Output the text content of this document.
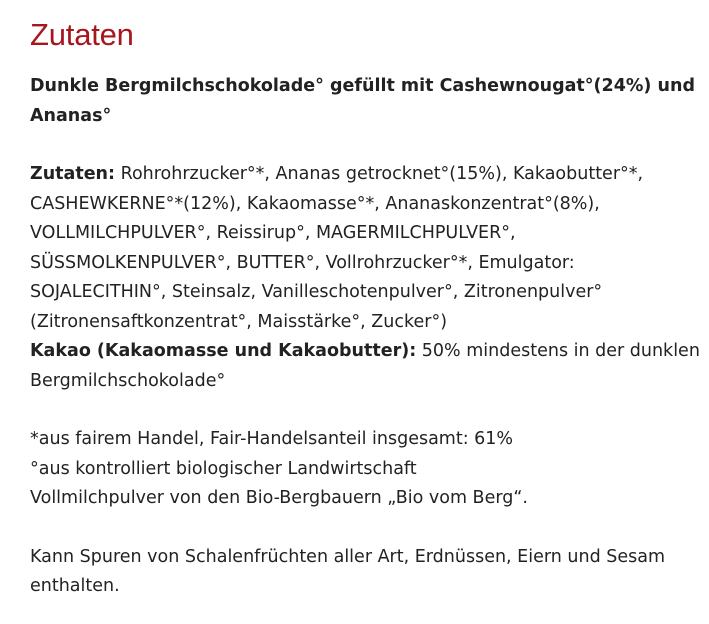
Zutaten
Dunkle Bergmilchschokolade° gefüllt mit Cashewnougat°(24%) und
Ananas°
Zutaten: Rohrohrzucker°*, Ananas getrocknet°(15%), Kakaobutter°*,
CASHEWKERNE°*(12%), Kakaomasse°*, Ananaskonzentrat°(8%),
VOLLMILCHPULVER°, Reissirup°, MAGERMILCHPULVER°,
SÜSSMOLKENPULVER°, BUTTER°, Vollrohrzucker°*, Emulgator:
SOJALECITHIN°, Steinsalz, Vanilleschotenpulver°, Zitronenpulver°
(Zitronensaftkonzentrat°, Maisstärke°, Zucker°)
Kakao (Kakaomasse und Kakaobutter): 50% mindestens in der dunklen
Bergmilchschokolade°
*aus fairem Handel, Fair-Handelsanteil insgesamt: 61%
°aus kontrolliert biologischer Landwirtschaft
Vollmilchpulver von den Bio-Bergbauern „Bio vom Berg“.
Kann Spuren von Schalenfrüchten aller Art, Erdnüssen, Eiern und Sesam
enthalten.
